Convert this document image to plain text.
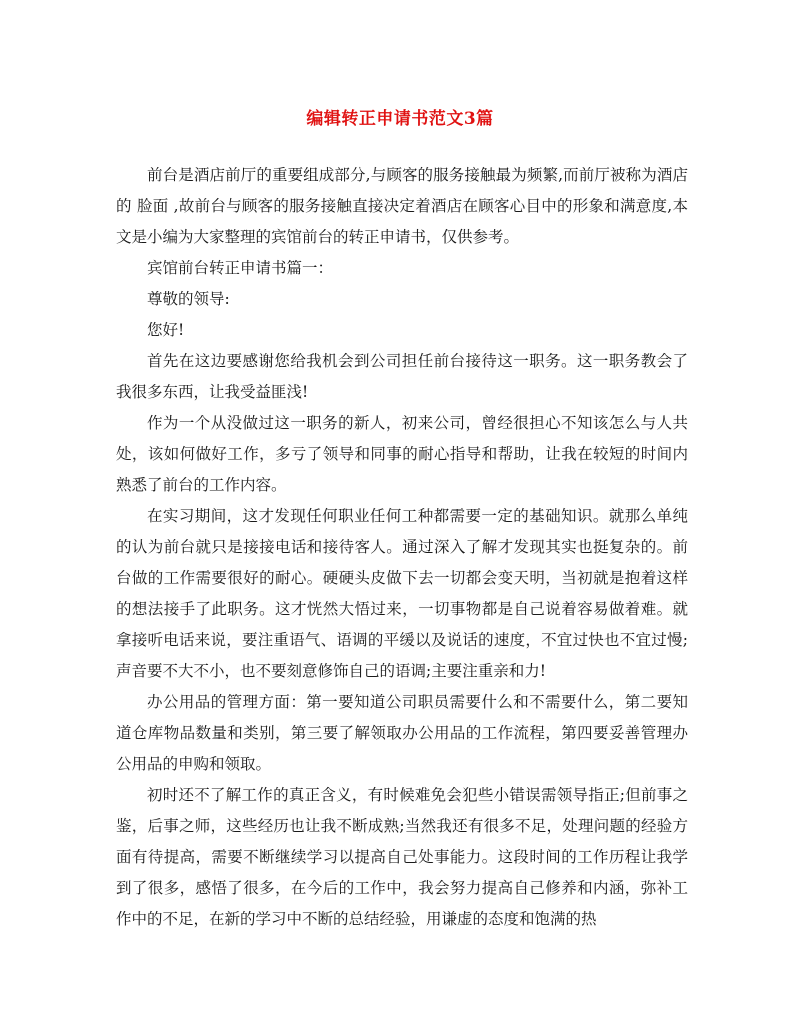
编辑转正申请书范文3篇

前台是酒店前厅的重要组成部分,与顾客的服务接触最为频繁,而前厅被称为酒店的 脸面 ,故前台与顾客的服务接触直接决定着酒店在顾客心目中的形象和满意度,本文是小编为大家整理的宾馆前台的转正申请书，仅供参考。

宾馆前台转正申请书篇一：

尊敬的领导:

您好!

首先在这边要感谢您给我机会到公司担任前台接待这一职务。这一职务教会了我很多东西，让我受益匪浅!

作为一个从没做过这一职务的新人，初来公司，曾经很担心不知该怎么与人共处，该如何做好工作，多亏了领导和同事的耐心指导和帮助，让我在较短的时间内熟悉了前台的工作内容。

在实习期间，这才发现任何职业任何工种都需要一定的基础知识。就那么单纯的认为前台就只是接接电话和接待客人。通过深入了解才发现其实也挺复杂的。前台做的工作需要很好的耐心。硬硬头皮做下去一切都会变天明，当初就是抱着这样的想法接手了此职务。这才恍然大悟过来，一切事物都是自己说着容易做着难。就拿接听电话来说，要注重语气、语调的平缓以及说话的速度，不宜过快也不宜过慢;声音要不大不小，也不要刻意修饰自己的语调;主要注重亲和力!

办公用品的管理方面：第一要知道公司职员需要什么和不需要什么，第二要知道仓库物品数量和类别，第三要了解领取办公用品的工作流程，第四要妥善管理办公用品的申购和领取。

初时还不了解工作的真正含义，有时候难免会犯些小错误需领导指正;但前事之鉴，后事之师，这些经历也让我不断成熟;当然我还有很多不足，处理问题的经验方面有待提高，需要不断继续学习以提高自己处事能力。这段时间的工作历程让我学到了很多，感悟了很多，在今后的工作中，我会努力提高自己修养和内涵，弥补工作中的不足，在新的学习中不断的总结经验，用谦虚的态度和饱满的热
